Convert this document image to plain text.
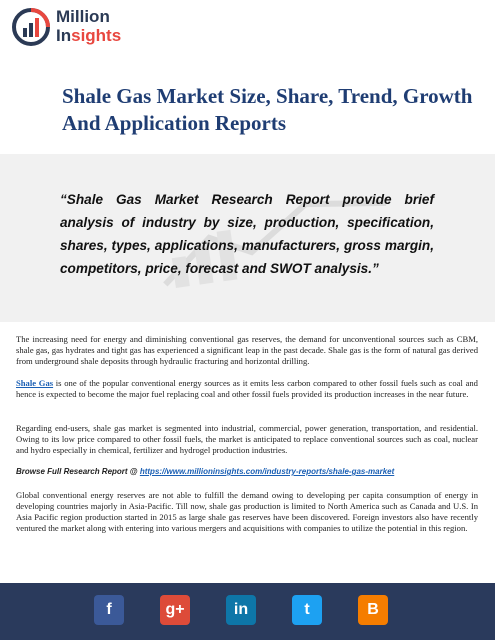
Million
Insights
Shale Gas Market Size, Share, Trend, Growth And Application Reports
“Shale Gas Market Research Report provide brief analysis of industry by size, production, specification, shares, types, applications, manufacturers, gross margin, competitors, price, forecast and SWOT analysis.”
The increasing need for energy and diminishing conventional gas reserves, the demand for unconventional sources such as CBM, shale gas, gas hydrates and tight gas has experienced a significant leap in the past decade. Shale gas is the form of natural gas derived from underground shale deposits through hydraulic fracturing and horizontal drilling.
Shale Gas is one of the popular conventional energy sources as it emits less carbon compared to other fossil fuels such as coal and hence is expected to become the major fuel replacing coal and other fossil fuels provided its production increases in the near future.
Regarding end-users, shale gas market is segmented into industrial, commercial, power generation, transportation, and residential. Owing to its low price compared to other fossil fuels, the market is anticipated to replace conventional sources such as coal, nuclear and hydro especially in chemical, fertilizer and hydrogel production industries.
Browse Full Research Report @ https://www.millioninsights.com/industry-reports/shale-gas-market
Global conventional energy reserves are not able to fulfill the demand owing to developing per capita consumption of energy in developing countries majorly in Asia-Pacific. Till now, shale gas production is limited to North America such as Canada and U.S. In Asia Pacific region production started in 2015 as large shale gas reserves have been discovered. Foreign investors also have recently ventured the market along with entering into various mergers and acquisitions with companies to utilize the potential in this region.
f	g+	in	t	B
